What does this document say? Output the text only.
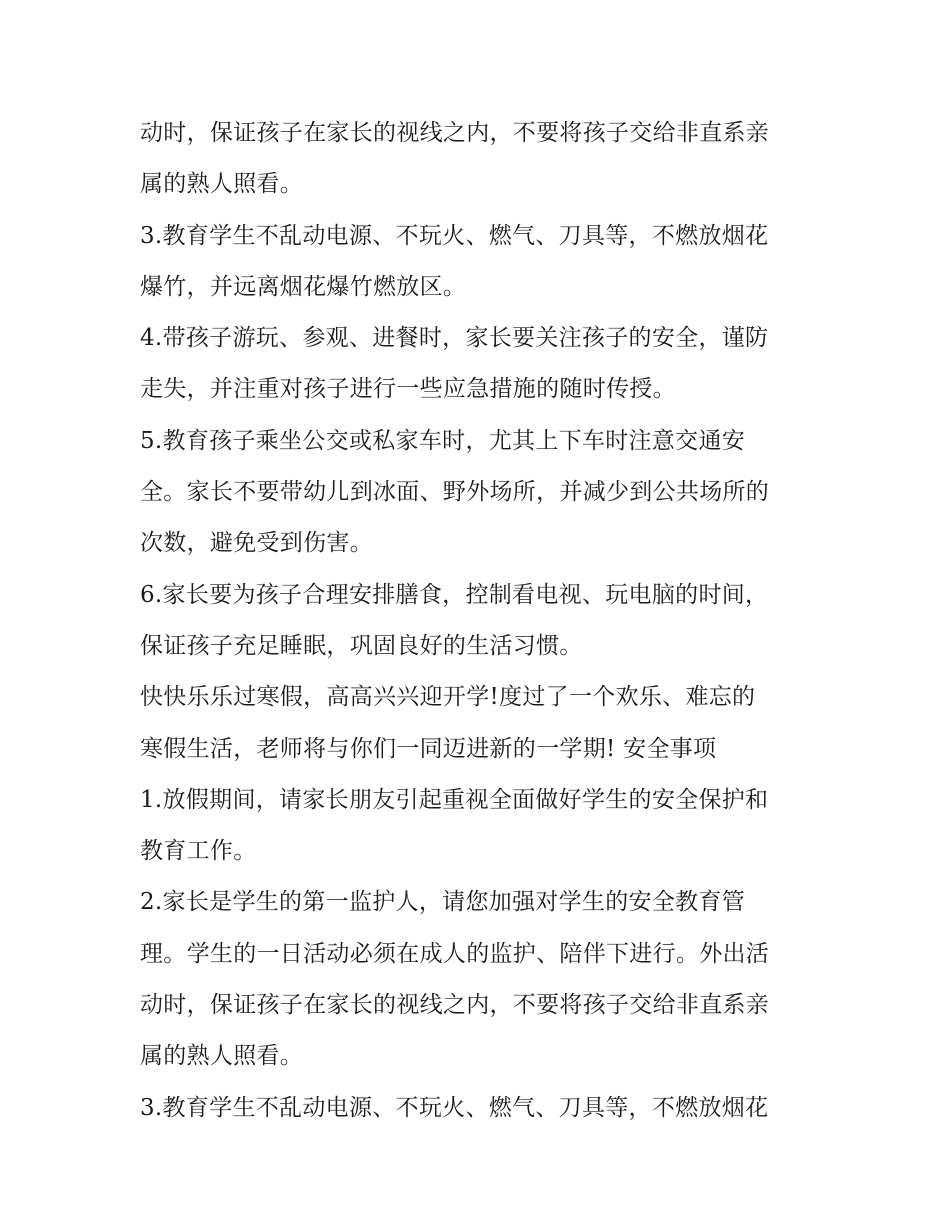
动时，保证孩子在家长的视线之内，不要将孩子交给非直系亲
属的熟人照看。
3.教育学生不乱动电源、不玩火、燃气、刀具等，不燃放烟花
爆竹，并远离烟花爆竹燃放区。
4.带孩子游玩、参观、进餐时，家长要关注孩子的安全，谨防
走失，并注重对孩子进行一些应急措施的随时传授。
5.教育孩子乘坐公交或私家车时，尤其上下车时注意交通安
全。家长不要带幼儿到冰面、野外场所，并减少到公共场所的
次数，避免受到伤害。
6.家长要为孩子合理安排膳食，控制看电视、玩电脑的时间，
保证孩子充足睡眠，巩固良好的生活习惯。
快快乐乐过寒假，高高兴兴迎开学!度过了一个欢乐、难忘的
寒假生活，老师将与你们一同迈进新的一学期! 安全事项
1.放假期间，请家长朋友引起重视全面做好学生的安全保护和
教育工作。
2.家长是学生的第一监护人，请您加强对学生的安全教育管
理。学生的一日活动必须在成人的监护、陪伴下进行。外出活
动时，保证孩子在家长的视线之内，不要将孩子交给非直系亲
属的熟人照看。
3.教育学生不乱动电源、不玩火、燃气、刀具等，不燃放烟花
